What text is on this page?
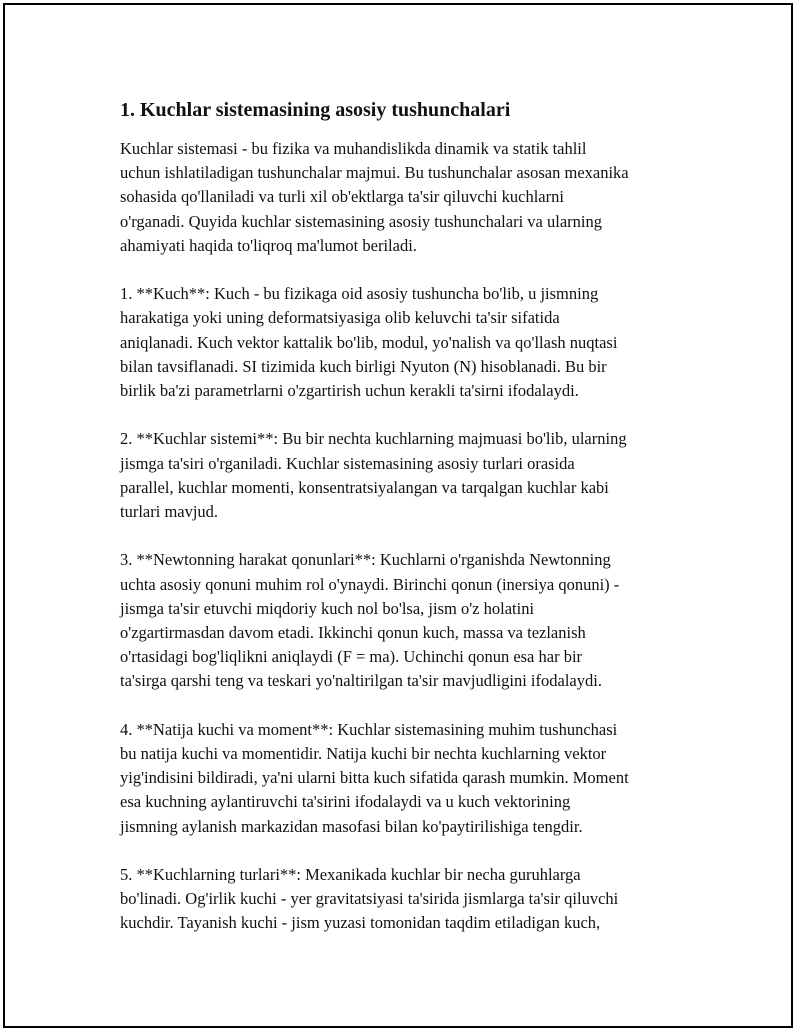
1. Kuchlar sistemasining asosiy tushunchalari
Kuchlar sistemasi - bu fizika va muhandislikda dinamik va statik tahlil
uchun ishlatiladigan tushunchalar majmui. Bu tushunchalar asosan mexanika
sohasida qo'llaniladi va turli xil ob'ektlarga ta'sir qiluvchi kuchlarni
o'rganadi. Quyida kuchlar sistemasining asosiy tushunchalari va ularning
ahamiyati haqida to'liqroq ma'lumot beriladi.
1. **Kuch**: Kuch - bu fizikaga oid asosiy tushuncha bo'lib, u jismning
harakatiga yoki uning deformatsiyasiga olib keluvchi ta'sir sifatida
aniqlanadi. Kuch vektor kattalik bo'lib, modul, yo'nalish va qo'llash nuqtasi
bilan tavsiflanadi. SI tizimida kuch birligi Nyuton (N) hisoblanadi. Bu bir
birlik ba'zi parametrlarni o'zgartirish uchun kerakli ta'sirni ifodalaydi.
2. **Kuchlar sistemi**: Bu bir nechta kuchlarning majmuasi bo'lib, ularning
jismga ta'siri o'rganiladi. Kuchlar sistemasining asosiy turlari orasida
parallel, kuchlar momenti, konsentratsiyalangan va tarqalgan kuchlar kabi
turlari mavjud.
3. **Newtonning harakat qonunlari**: Kuchlarni o'rganishda Newtonning
uchta asosiy qonuni muhim rol o'ynaydi. Birinchi qonun (inersiya qonuni) -
jismga ta'sir etuvchi miqdoriy kuch nol bo'lsa, jism o'z holatini
o'zgartirmasdan davom etadi. Ikkinchi qonun kuch, massa va tezlanish
o'rtasidagi bog'liqlikni aniqlaydi (F = ma). Uchinchi qonun esa har bir
ta'sirga qarshi teng va teskari yo'naltirilgan ta'sir mavjudligini ifodalaydi.
4. **Natija kuchi va moment**: Kuchlar sistemasining muhim tushunchasi
bu natija kuchi va momentidir. Natija kuchi bir nechta kuchlarning vektor
yig'indisini bildiradi, ya'ni ularni bitta kuch sifatida qarash mumkin. Moment
esa kuchning aylantiruvchi ta'sirini ifodalaydi va u kuch vektorining
jismning aylanish markazidan masofasi bilan ko'paytirilishiga tengdir.
5. **Kuchlarning turlari**: Mexanikada kuchlar bir necha guruhlarga
bo'linadi. Og'irlik kuchi - yer gravitatsiyasi ta'sirida jismlarga ta'sir qiluvchi
kuchdir. Tayanish kuchi - jism yuzasi tomonidan taqdim etiladigan kuch,
